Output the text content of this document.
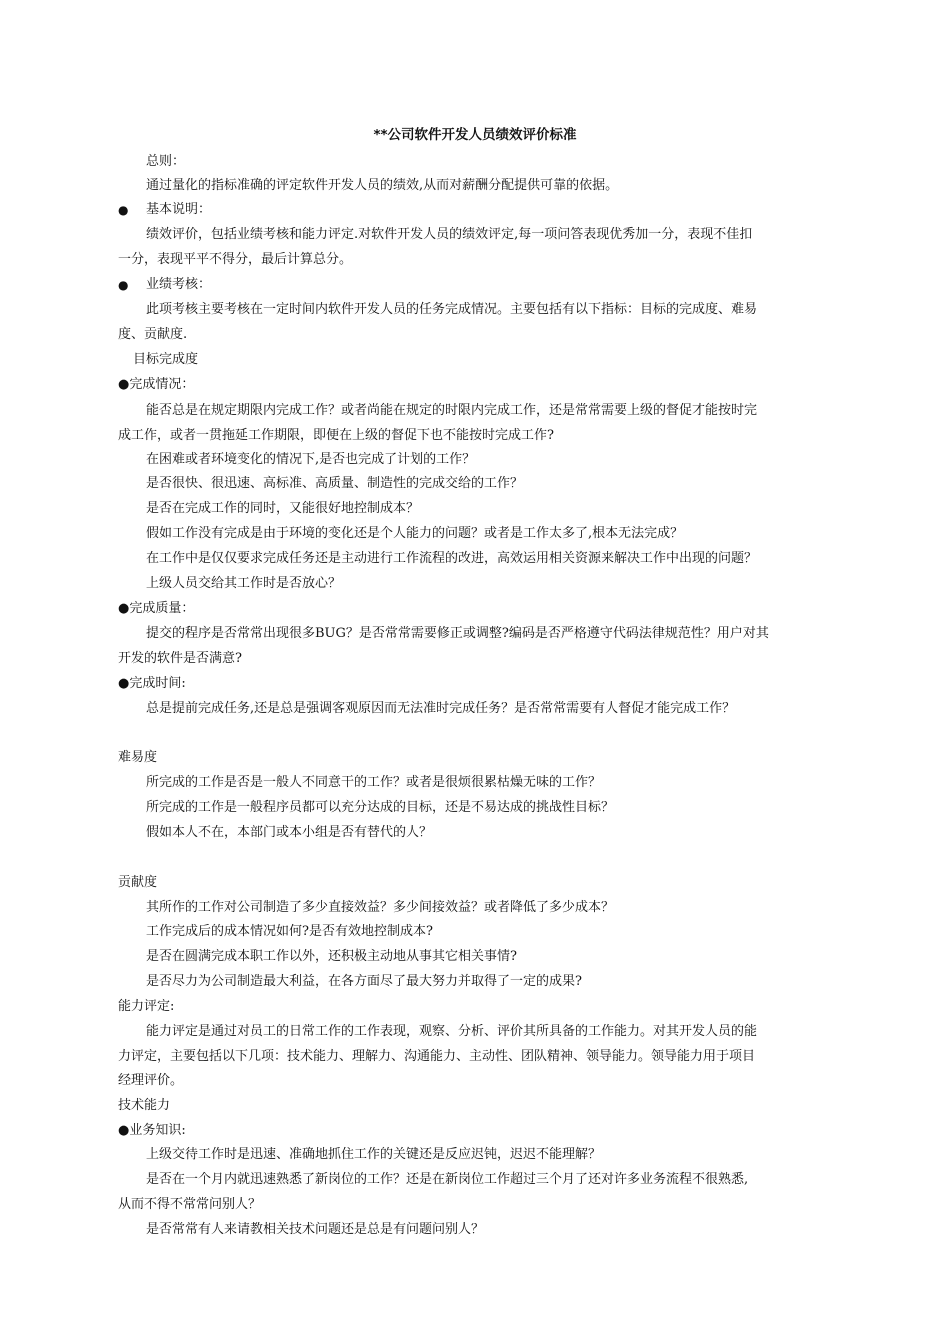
**公司软件开发人员绩效评价标准
总则：
通过量化的指标准确的评定软件开发人员的绩效,从而对薪酬分配提供可靠的依据。
● 基本说明：
绩效评价，包括业绩考核和能力评定.对软件开发人员的绩效评定,每一项问答表现优秀加一分，表现不佳扣
一分，表现平平不得分，最后计算总分。
● 业绩考核：
此项考核主要考核在一定时间内软件开发人员的任务完成情况。主要包括有以下指标：目标的完成度、难易
度、贡献度.
目标完成度
●完成情况：
能否总是在规定期限内完成工作？或者尚能在规定的时限内完成工作，还是常常需要上级的督促才能按时完
成工作，或者一贯拖延工作期限，即便在上级的督促下也不能按时完成工作?
在困难或者环境变化的情况下,是否也完成了计划的工作？
是否很快、很迅速、高标准、高质量、制造性的完成交给的工作？
是否在完成工作的同时，又能很好地控制成本？
假如工作没有完成是由于环境的变化还是个人能力的问题？或者是工作太多了,根本无法完成？
在工作中是仅仅要求完成任务还是主动进行工作流程的改进，高效运用相关资源来解决工作中出现的问题？
上级人员交给其工作时是否放心？
●完成质量：
提交的程序是否常常出现很多BUG？是否常常需要修正或调整?编码是否严格遵守代码法律规范性？用户对其
开发的软件是否满意?
●完成时间:
总是提前完成任务,还是总是强调客观原因而无法准时完成任务？是否常常需要有人督促才能完成工作？
难易度
所完成的工作是否是一般人不同意干的工作？或者是很烦很累枯燥无味的工作？
所完成的工作是一般程序员都可以充分达成的目标，还是不易达成的挑战性目标？
假如本人不在，本部门或本小组是否有替代的人？
贡献度
其所作的工作对公司制造了多少直接效益？多少间接效益？或者降低了多少成本？
工作完成后的成本情况如何?是否有效地控制成本?
是否在圆满完成本职工作以外，还积极主动地从事其它相关事情?
是否尽力为公司制造最大利益，在各方面尽了最大努力并取得了一定的成果?
能力评定:
能力评定是通过对员工的日常工作的工作表现，观察、分析、评价其所具备的工作能力。对其开发人员的能
力评定，主要包括以下几项：技术能力、理解力、沟通能力、主动性、团队精神、领导能力。领导能力用于项目
经理评价。
技术能力
●业务知识:
上级交待工作时是迅速、准确地抓住工作的关键还是反应迟钝，迟迟不能理解？
是否在一个月内就迅速熟悉了新岗位的工作？还是在新岗位工作超过三个月了还对许多业务流程不很熟悉,
从而不得不常常问别人？
是否常常有人来请教相关技术问题还是总是有问题问别人？
